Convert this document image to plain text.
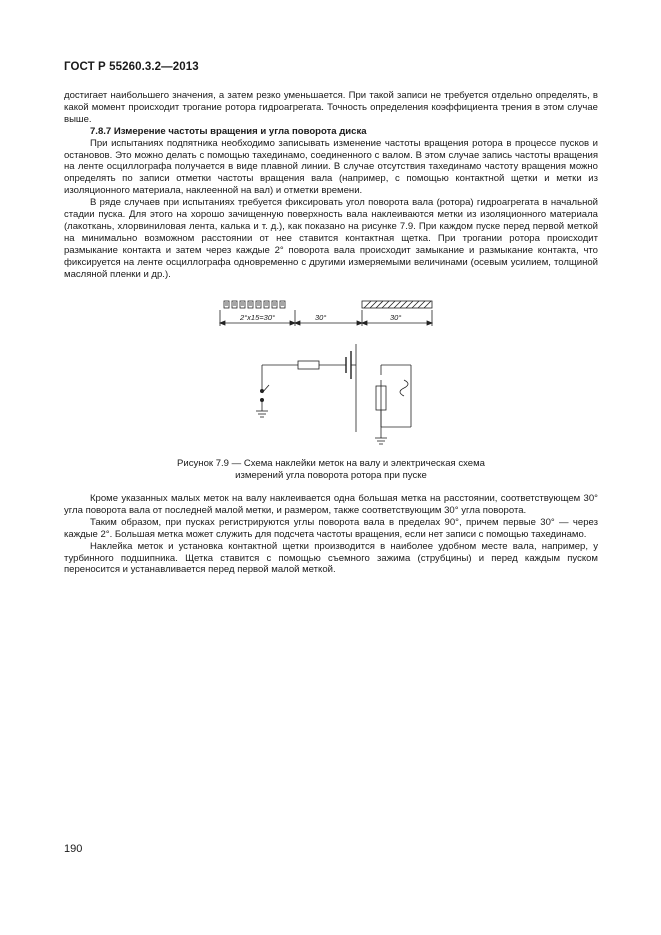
ГОСТ Р 55260.3.2—2013

достигает наибольшего значения, а затем резко уменьшается. При такой записи не требуется отдельно определять, в какой момент происходит трогание ротора гидроагрегата. Точность определения коэффициента трения в этом случае выше.

7.8.7 Измерение частоты вращения и угла поворота диска

При испытаниях подпятника необходимо записывать изменение частоты вращения ротора в процессе пусков и остановов. Это можно делать с помощью тахединамо, соединенного с валом. В этом случае запись частоты вращения на ленте осциллографа получается в виде плавной линии. В случае отсутствия тахединамо частоту вращения можно определять по записи отметки частоты вращения вала (например, с помощью контактной щетки и метки из изоляционного материала, наклеенной на вал) и отметки времени.

В ряде случаев при испытаниях требуется фиксировать угол поворота вала (ротора) гидроагрегата в начальной стадии пуска. Для этого на хорошо зачищенную поверхность вала наклеиваются метки из изоляционного материала (лакоткань, хлорвиниловая лента, калька и т. д.), как показано на рисунке 7.9. При каждом пуске перед первой меткой на минимально возможном расстоянии от нее ставится контактная щетка. При трогании ротора происходит размыкание контакта и затем через каждые 2° поворота вала происходит замыкание и размыкание контакта, что фиксируется на ленте осциллографа одновременно с другими измеряемыми величинами (осевым усилием, толщиной масляной пленки и др.).

2°x15=30°	30°	30°
Рисунок 7.9 — Схема наклейки меток на валу и электрическая схема
измерений угла поворота ротора при пуске

Кроме указанных малых меток на валу наклеивается одна большая метка на расстоянии, соответствующем 30° угла поворота вала от последней малой метки, и размером, также соответствующим 30° угла поворота.

Таким образом, при пусках регистрируются углы поворота вала в пределах 90°, причем первые 30° — через каждые 2°. Большая метка может служить для подсчета частоты вращения, если нет записи с помощью тахединамо.

Наклейка меток и установка контактной щетки производится в наиболее удобном месте вала, например, у турбинного подшипника. Щетка ставится с помощью съемного зажима (струбцины) и перед каждым пуском переносится и устанавливается перед первой малой меткой.

190
